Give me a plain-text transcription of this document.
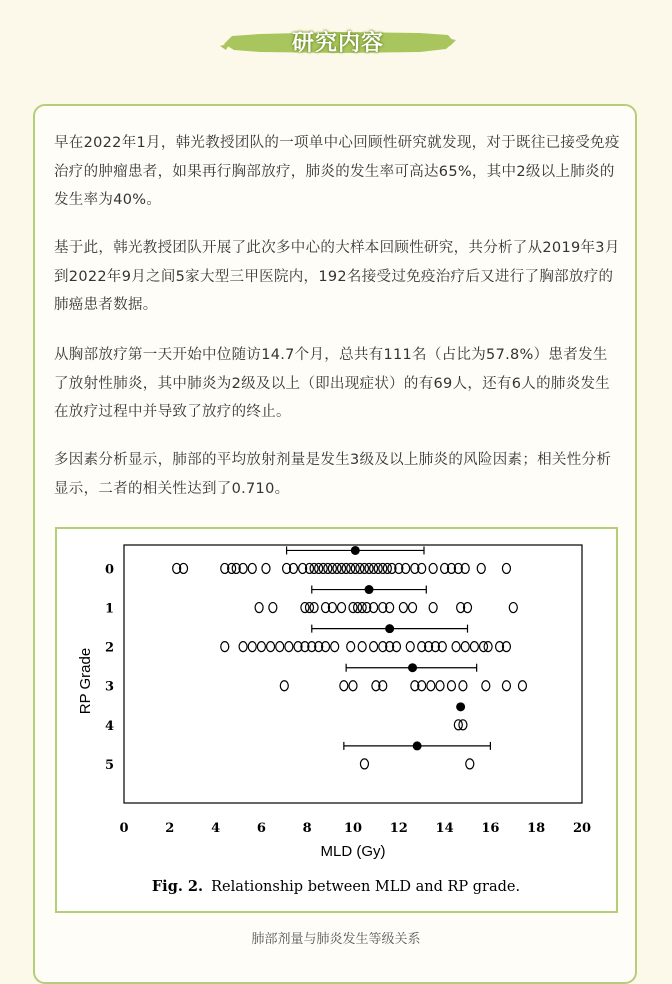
研究内容

早在2022年1月，韩光教授团队的一项单中心回顾性研究就发现，对于既往已接受免疫治疗的肿瘤患者，如果再行胸部放疗，肺炎的发生率可高达65%，其中2级以上肺炎的发生率为40%。

基于此，韩光教授团队开展了此次多中心的大样本回顾性研究，共分析了从2019年3月到2022年9月之间5家大型三甲医院内，192名接受过免疫治疗后又进行了胸部放疗的肺癌患者数据。

从胸部放疗第一天开始中位随访14.7个月，总共有111名（占比为57.8%）患者发生了放射性肺炎，其中肺炎为2级及以上（即出现症状）的有69人，还有6人的肺炎发生在放疗过程中并导致了放疗的终止。

多因素分析显示，肺部的平均放射剂量是发生3级及以上肺炎的风险因素；相关性分析显示，二者的相关性达到了0.710。

0	2	4	6	8 10 12 14 16 18 20
0
1
2
3
4
5
RP Grade
MLD (Gy)
Fig. 2. Relationship between MLD and RP grade.
肺部剂量与肺炎发生等级关系
